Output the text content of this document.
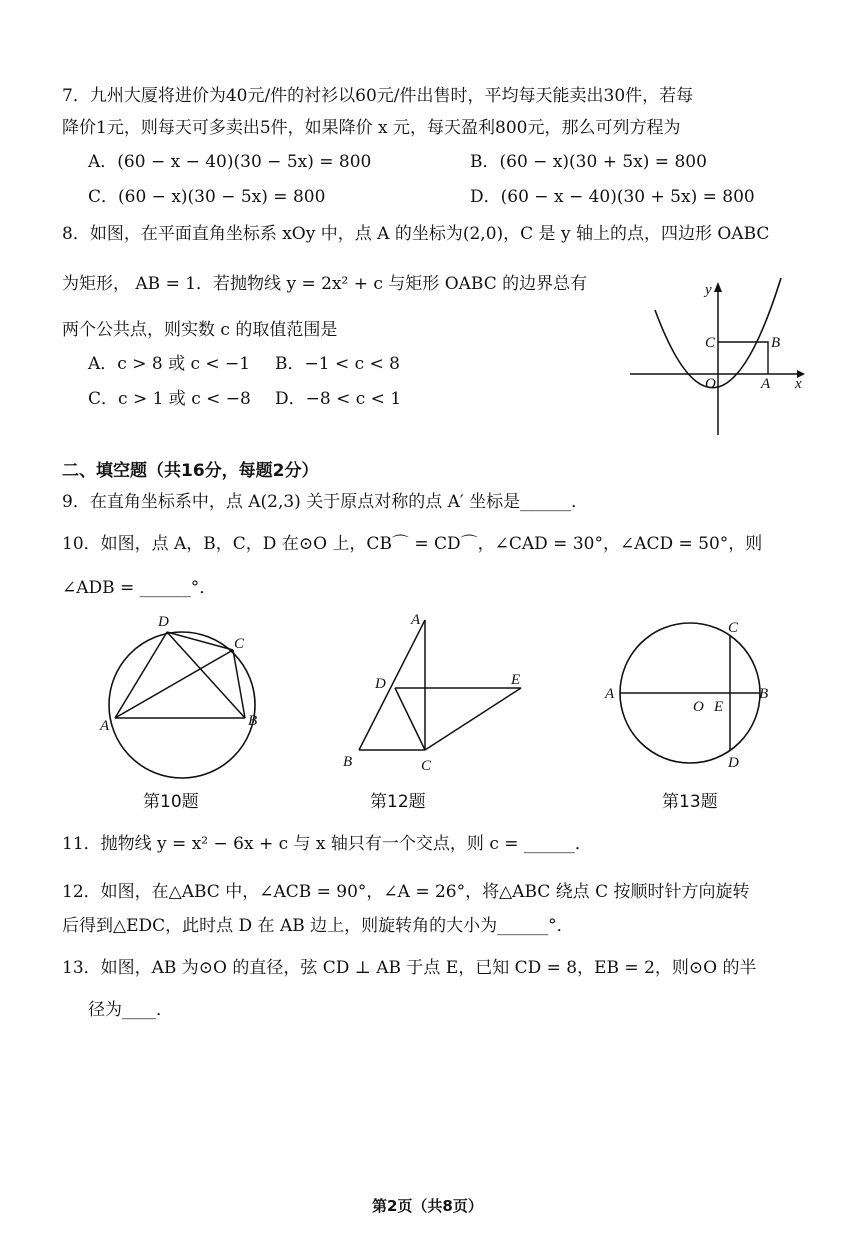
7．九州大厦将进价为40元/件的衬衫以60元/件出售时，平均每天能卖出30件，若每
降价1元，则每天可多卖出5件，如果降价 x 元，每天盈利800元，那么可列方程为
A．(60 − x − 40)(30 − 5x) = 800	B．(60 − x)(30 + 5x) = 800
C．(60 − x)(30 − 5x) = 800	D．(60 − x − 40)(30 + 5x) = 800
8．如图，在平面直角坐标系 xOy 中，点 A 的坐标为(2,0)，C 是 y 轴上的点，四边形 OABC
为矩形， AB = 1．若抛物线 y = 2x² + c 与矩形 OABC 的边界总有
两个公共点，则实数 c 的取值范围是
A．c > 8 或 c < −1 B．−1 < c < 8
C．c > 1 或 c < −8 D．−8 < c < 1
y
x
C	B
O	A
二、填空题（共16分，每题2分）
9．在直角坐标系中，点 A(2,3) 关于原点对称的点 A′ 坐标是______．
10．如图，点 A，B，C，D 在⊙O 上，CB⌒ = CD⌒，∠CAD = 30°，∠ACD = 50°，则
∠ADB = ______°．
D
C
A	B
第10题
A
D	E
B	C
第12题
A
O E
B
C
D
第13题
11．抛物线 y = x² − 6x + c 与 x 轴只有一个交点，则 c = ______．
12．如图，在△ABC 中，∠ACB = 90°，∠A = 26°，将△ABC 绕点 C 按顺时针方向旋转
后得到△EDC，此时点 D 在 AB 边上，则旋转角的大小为______°．
13．如图，AB 为⊙O 的直径，弦 CD ⊥ AB 于点 E，已知 CD = 8，EB = 2，则⊙O 的半
径为____．
第2页（共8页）
